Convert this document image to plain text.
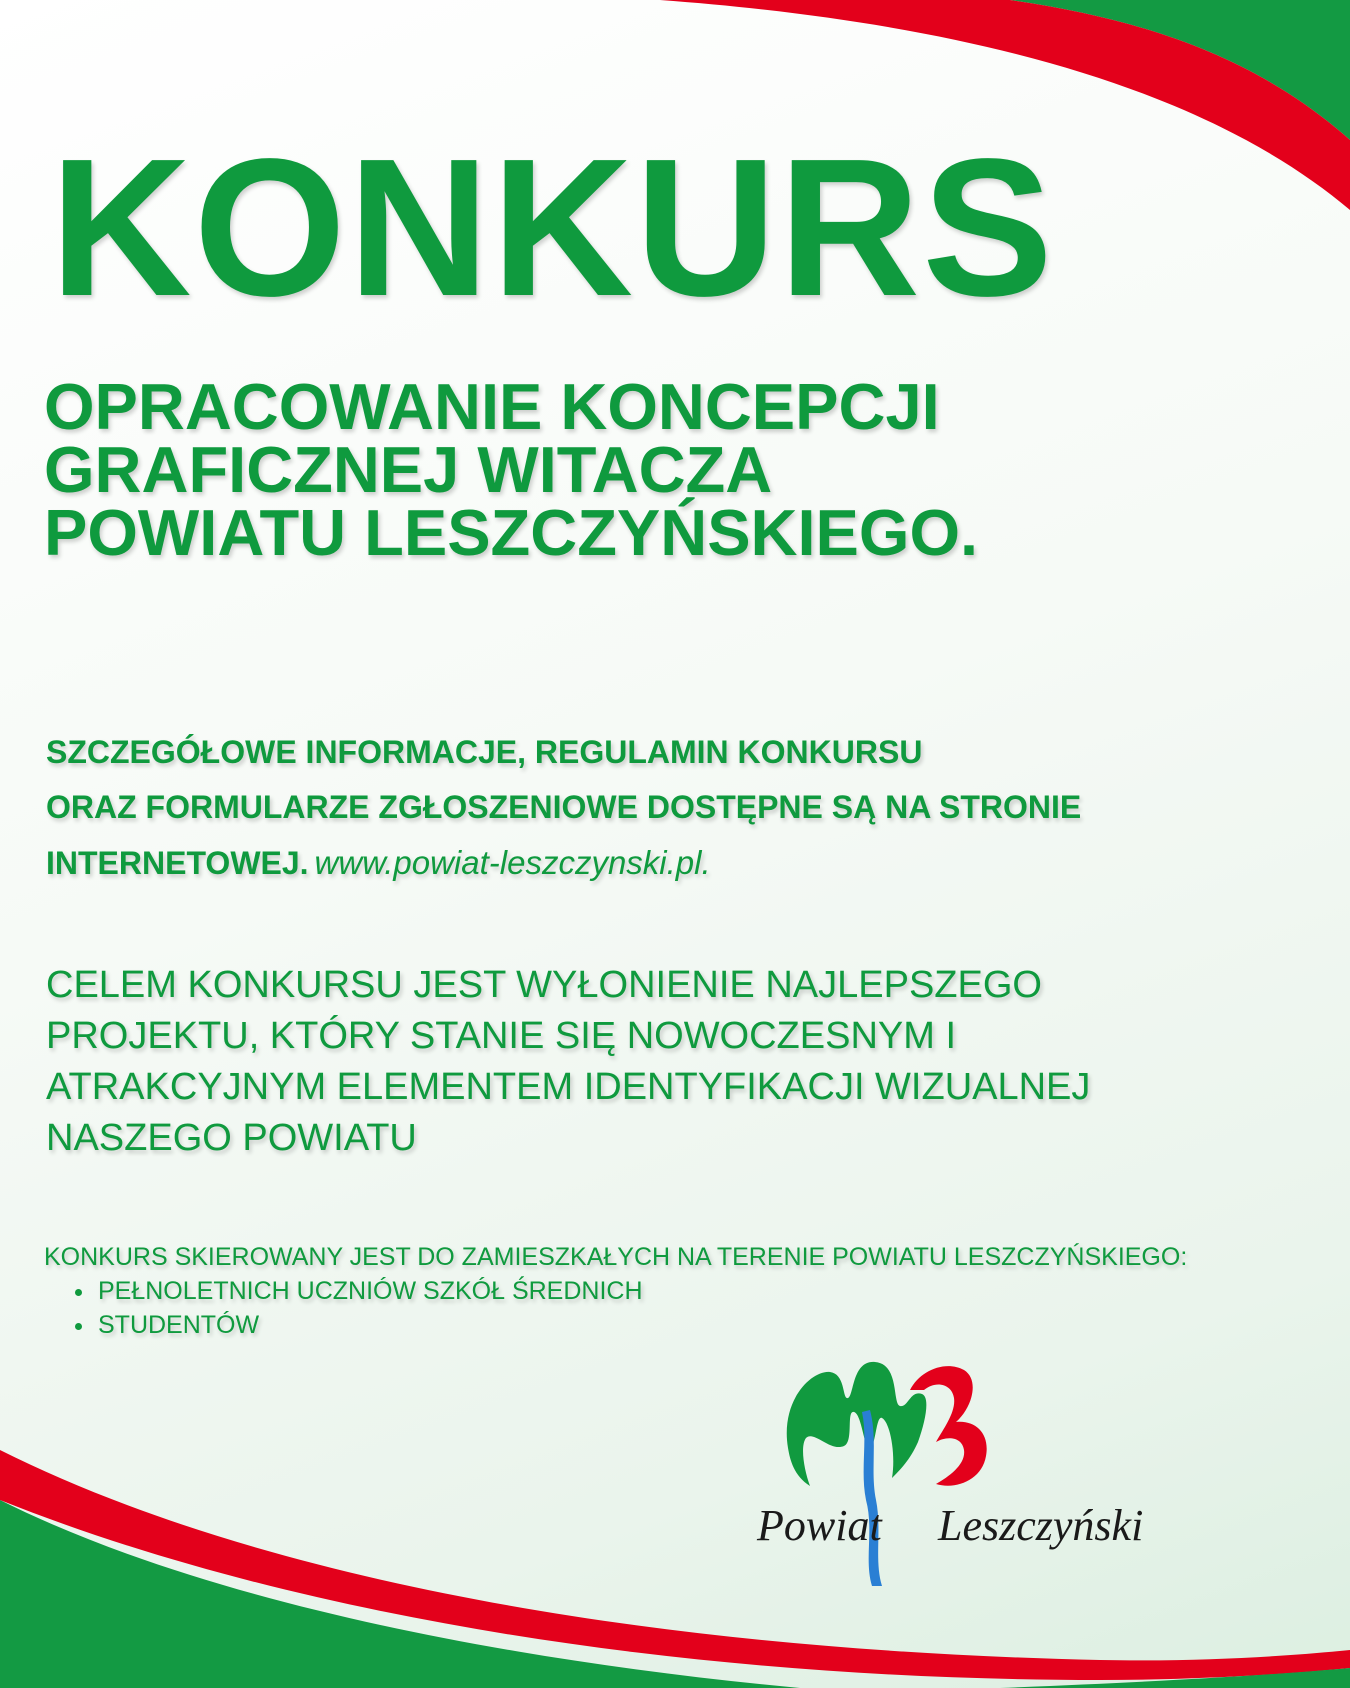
KONKURS
OPRACOWANIE KONCEPCJI
GRAFICZNEJ WITACZA
POWIATU LESZCZYŃSKIEGO.

SZCZEGÓŁOWE INFORMACJE, REGULAMIN KONKURSU
ORAZ FORMULARZE ZGŁOSZENIOWE DOSTĘPNE SĄ NA STRONIE
INTERNETOWEJ. www.powiat-leszczynski.pl.

CELEM KONKURSU JEST WYŁONIENIE NAJLEPSZEGO
PROJEKTU, KTÓRY STANIE SIĘ NOWOCZESNYM I
ATRAKCYJNYM ELEMENTEM IDENTYFIKACJI WIZUALNEJ
NASZEGO POWIATU

KONKURS SKIEROWANY JEST DO ZAMIESZKAŁYCH NA TERENIE POWIATU LESZCZYŃSKIEGO:
• PEŁNOLETNICH UCZNIÓW SZKÓŁ ŚREDNICH
• STUDENTÓW
Powiat Leszczyński
